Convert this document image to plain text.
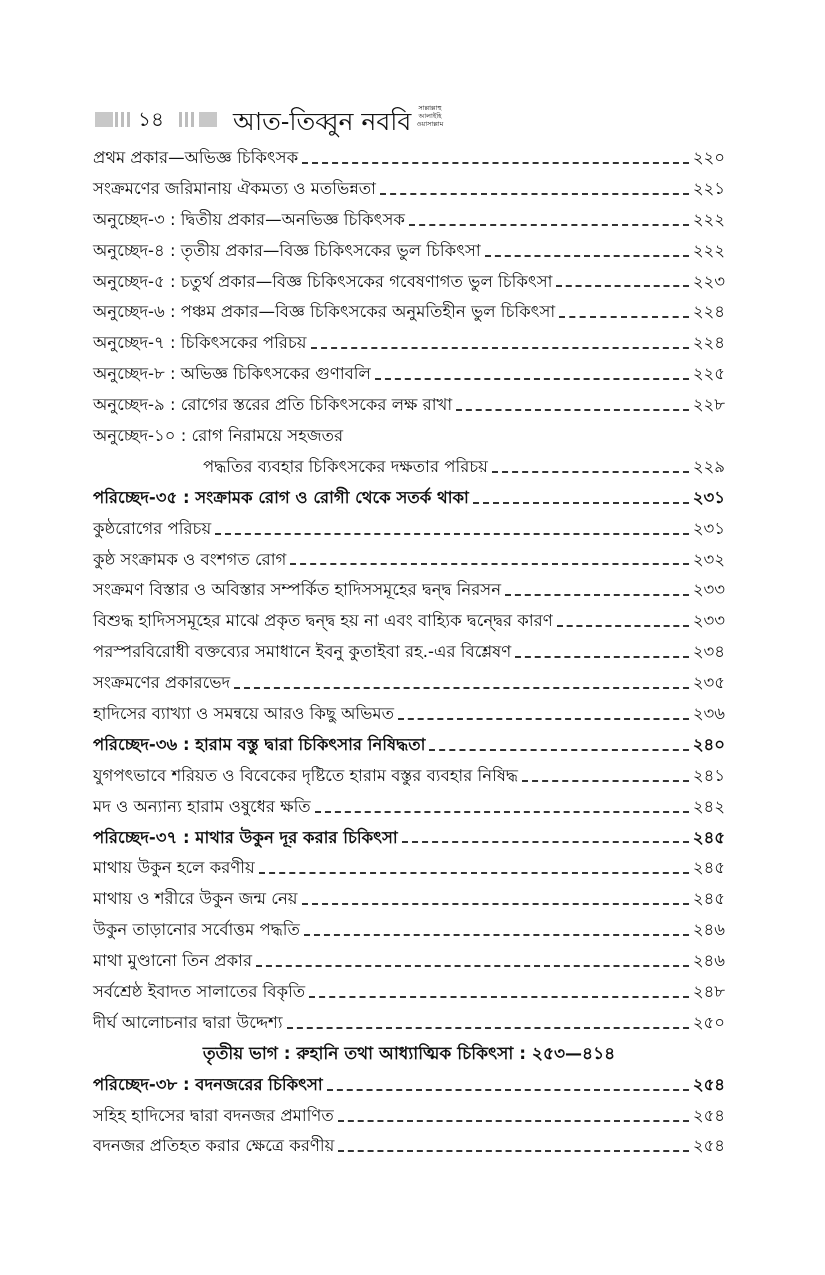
১৪	আত-তিব্বুন নববি	সাল্লাল্লাহু আলাইহি ওয়াসাল্লাম
প্রথম প্রকার—অভিজ্ঞ চিকিৎসক	২২০
সংক্রমণের জরিমানায় ঐকমত্য ও মতভিন্নতা	২২১
অনুচ্ছেদ-৩ : দ্বিতীয় প্রকার—অনভিজ্ঞ চিকিৎসক	২২২
অনুচ্ছেদ-৪ : তৃতীয় প্রকার—বিজ্ঞ চিকিৎসকের ভুল চিকিৎসা	২২২
অনুচ্ছেদ-৫ : চতুর্থ প্রকার—বিজ্ঞ চিকিৎসকের গবেষণাগত ভুল চিকিৎসা	২২৩
অনুচ্ছেদ-৬ : পঞ্চম প্রকার—বিজ্ঞ চিকিৎসকের অনুমতিহীন ভুল চিকিৎসা	২২৪
অনুচ্ছেদ-৭ : চিকিৎসকের পরিচয়	২২৪
অনুচ্ছেদ-৮ : অভিজ্ঞ চিকিৎসকের গুণাবলি	২২৫
অনুচ্ছেদ-৯ : রোগের স্তরের প্রতি চিকিৎসকের লক্ষ রাখা	২২৮
অনুচ্ছেদ-১০ : রোগ নিরাময়ে সহজতর
পদ্ধতির ব্যবহার চিকিৎসকের দক্ষতার পরিচয়	২২৯
পরিচ্ছেদ-৩৫ : সংক্রামক রোগ ও রোগী থেকে সতর্ক থাকা	২৩১
কুষ্ঠরোগের পরিচয়	২৩১
কুষ্ঠ সংক্রামক ও বংশগত রোগ	২৩২
সংক্রমণ বিস্তার ও অবিস্তার সম্পর্কিত হাদিসসমূহের দ্বন্দ্ব নিরসন	২৩৩
বিশুদ্ধ হাদিসসমূহের মাঝে প্রকৃত দ্বন্দ্ব হয় না এবং বাহ্যিক দ্বন্দ্বের কারণ	২৩৩
পরস্পরবিরোধী বক্তব্যের সমাধানে ইবনু কুতাইবা রহ.-এর বিশ্লেষণ	২৩৪
সংক্রমণের প্রকারভেদ	২৩৫
হাদিসের ব্যাখ্যা ও সমন্বয়ে আরও কিছু অভিমত	২৩৬
পরিচ্ছেদ-৩৬ : হারাম বস্তু দ্বারা চিকিৎসার নিষিদ্ধতা	২৪০
যুগপৎভাবে শরিয়ত ও বিবেকের দৃষ্টিতে হারাম বস্তুর ব্যবহার নিষিদ্ধ	২৪১
মদ ও অন্যান্য হারাম ওষুধের ক্ষতি	২৪২
পরিচ্ছেদ-৩৭ : মাথার উকুন দূর করার চিকিৎসা	২৪৫
মাথায় উকুন হলে করণীয়	২৪৫
মাথায় ও শরীরে উকুন জন্ম নেয়	২৪৫
উকুন তাড়ানোর সর্বোত্তম পদ্ধতি	২৪৬
মাথা মুণ্ডানো তিন প্রকার	২৪৬
সর্বশ্রেষ্ঠ ইবাদত সালাতের বিকৃতি	২৪৮
দীর্ঘ আলোচনার দ্বারা উদ্দেশ্য	২৫০
তৃতীয় ভাগ : রুহানি তথা আধ্যাত্মিক চিকিৎসা : ২৫৩—৪১৪
পরিচ্ছেদ-৩৮ : বদনজরের চিকিৎসা	২৫৪
সহিহ হাদিসের দ্বারা বদনজর প্রমাণিত	২৫৪
বদনজর প্রতিহত করার ক্ষেত্রে করণীয়	২৫৪
